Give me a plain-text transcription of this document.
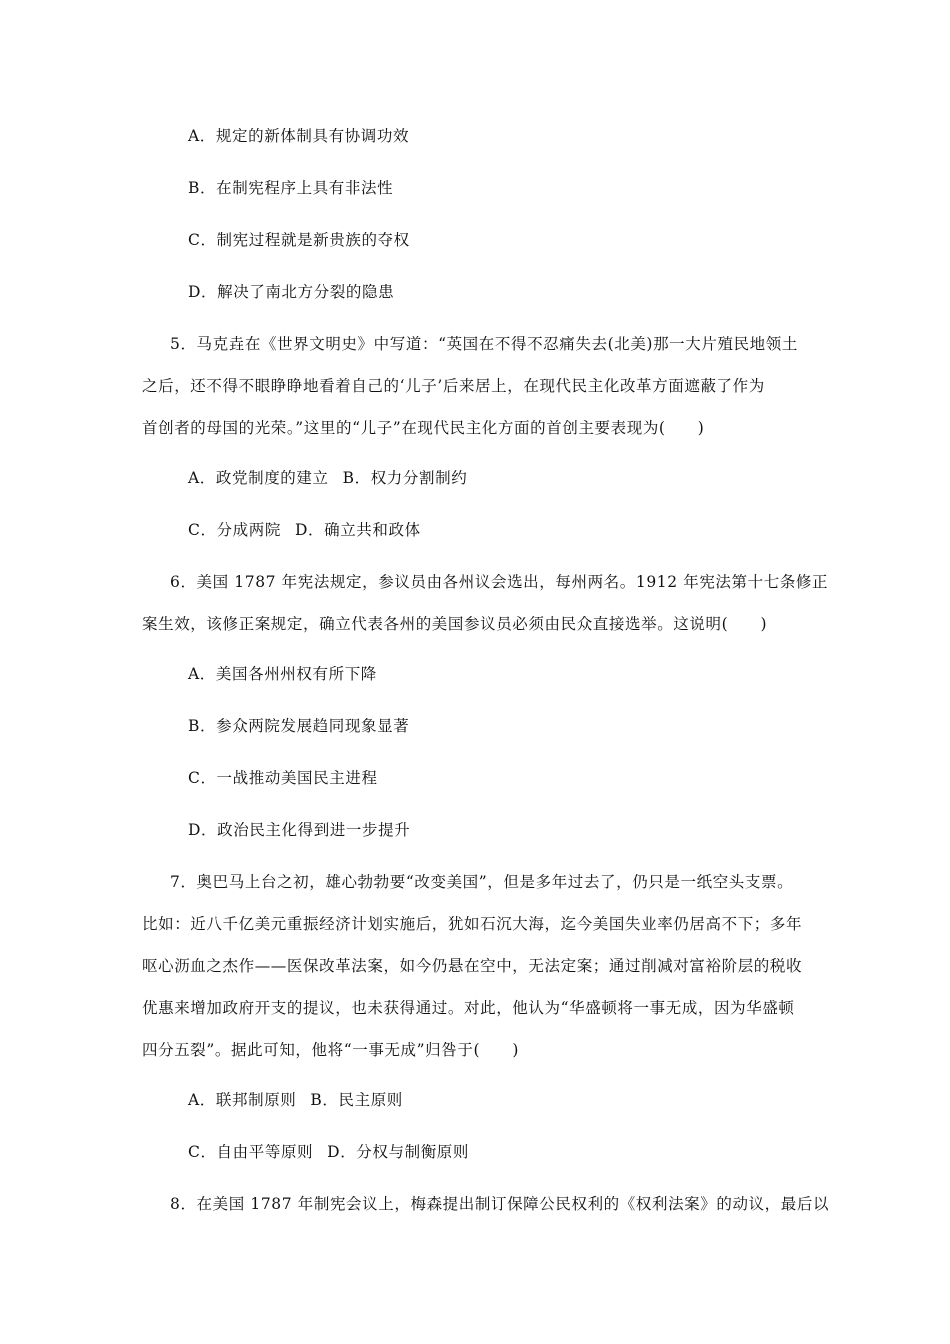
A．规定的新体制具有协调功效
B．在制宪程序上具有非法性
C．制宪过程就是新贵族的夺权
D．解决了南北方分裂的隐患
5．马克垚在《世界文明史》中写道：“英国在不得不忍痛失去(北美)那一大片殖民地领土
之后，还不得不眼睁睁地看着自己的‘儿子’后来居上，在现代民主化改革方面遮蔽了作为
首创者的母国的光荣。”这里的“儿子”在现代民主化方面的首创主要表现为(　　)
A．政党制度的建立 B．权力分割制约
C．分成两院 D．确立共和政体
6．美国 1787 年宪法规定，参议员由各州议会选出，每州两名。1912 年宪法第十七条修正
案生效，该修正案规定，确立代表各州的美国参议员必须由民众直接选举。这说明(　　)
A．美国各州州权有所下降
B．参众两院发展趋同现象显著
C．一战推动美国民主进程
D．政治民主化得到进一步提升
7．奥巴马上台之初，雄心勃勃要“改变美国”，但是多年过去了，仍只是一纸空头支票。
比如：近八千亿美元重振经济计划实施后，犹如石沉大海，迄今美国失业率仍居高不下；多年
呕心沥血之杰作——医保改革法案，如今仍悬在空中，无法定案；通过削减对富裕阶层的税收
优惠来增加政府开支的提议，也未获得通过。对此，他认为“华盛顿将一事无成，因为华盛顿
四分五裂”。据此可知，他将“一事无成”归咎于(　　)
A．联邦制原则 B．民主原则
C．自由平等原则 D．分权与制衡原则
8．在美国 1787 年制宪会议上，梅森提出制订保障公民权利的《权利法案》的动议，最后以
